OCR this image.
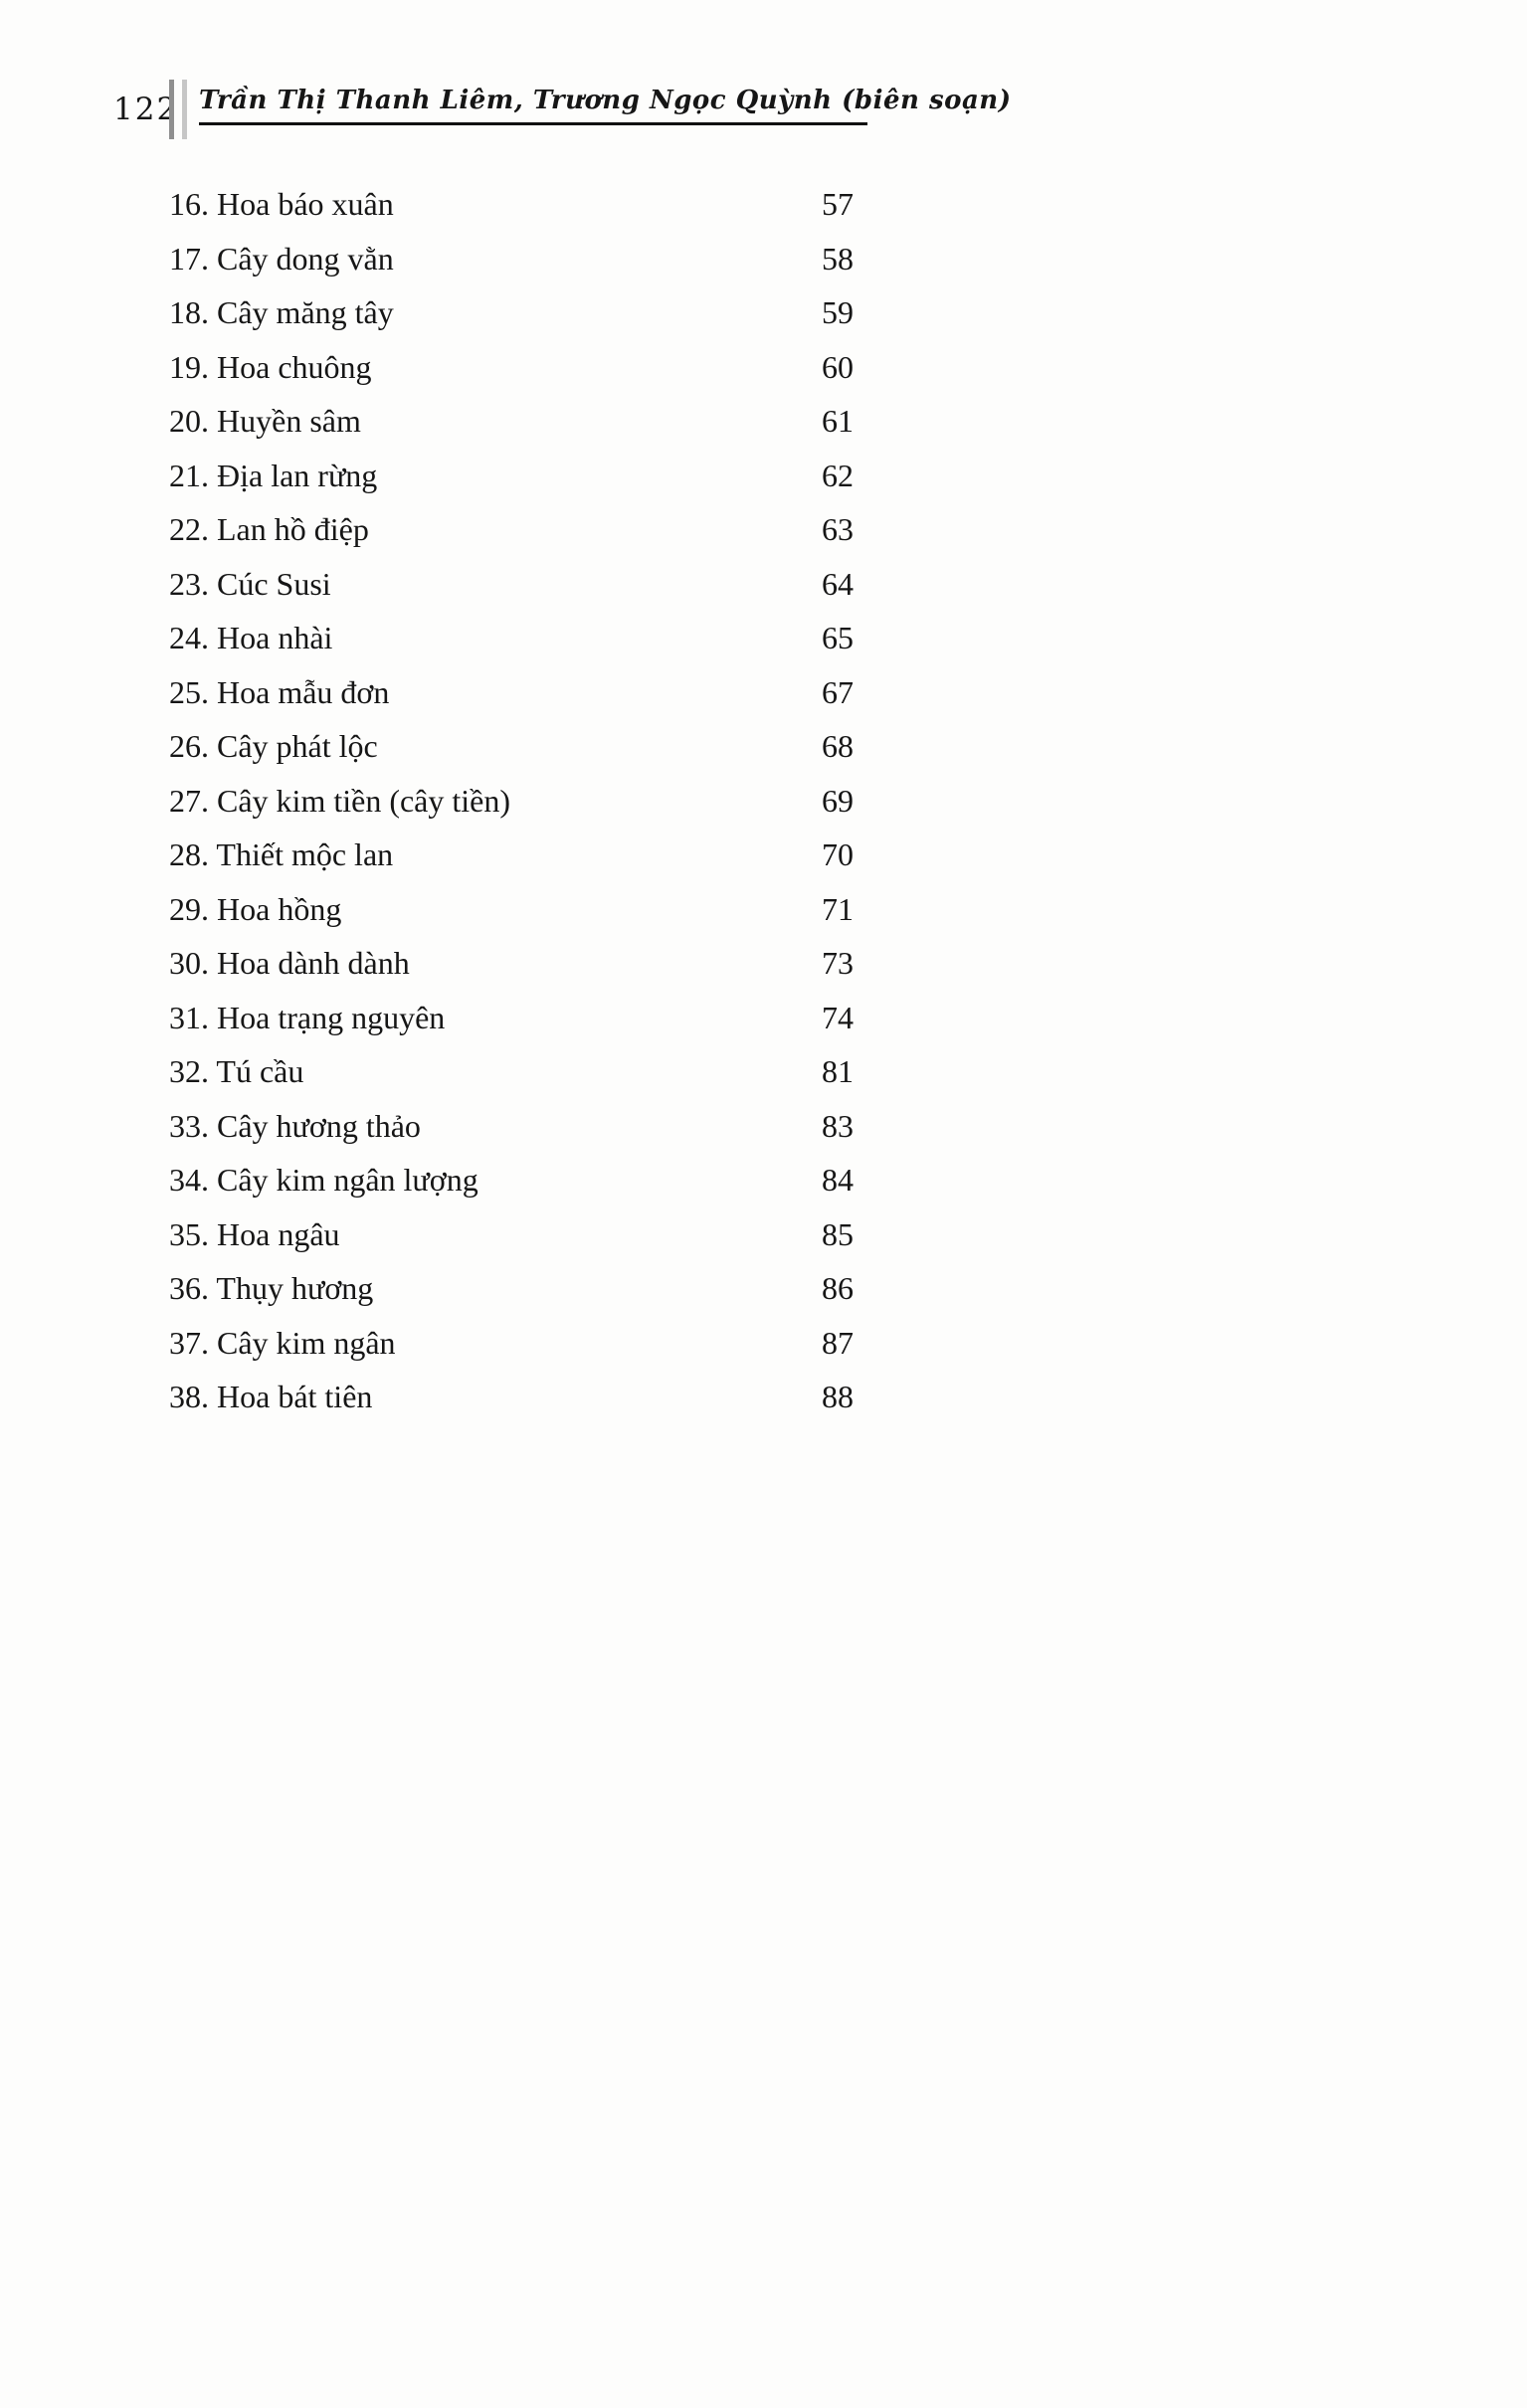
122 Trần Thị Thanh Liêm, Trương Ngọc Quỳnh (biên soạn)
16. Hoa báo xuân	57
17. Cây dong vằn	58
18. Cây măng tây	59
19. Hoa chuông	60
20. Huyền sâm	61
21. Địa lan rừng	62
22. Lan hồ điệp	63
23. Cúc Susi	64
24. Hoa nhài	65
25. Hoa mẫu đơn	67
26. Cây phát lộc	68
27. Cây kim tiền (cây tiền)	69
28. Thiết mộc lan	70
29. Hoa hồng	71
30. Hoa dành dành	73
31. Hoa trạng nguyên	74
32. Tú cầu	81
33. Cây hương thảo	83
34. Cây kim ngân lượng	84
35. Hoa ngâu	85
36. Thụy hương	86
37. Cây kim ngân	87
38. Hoa bát tiên	88
